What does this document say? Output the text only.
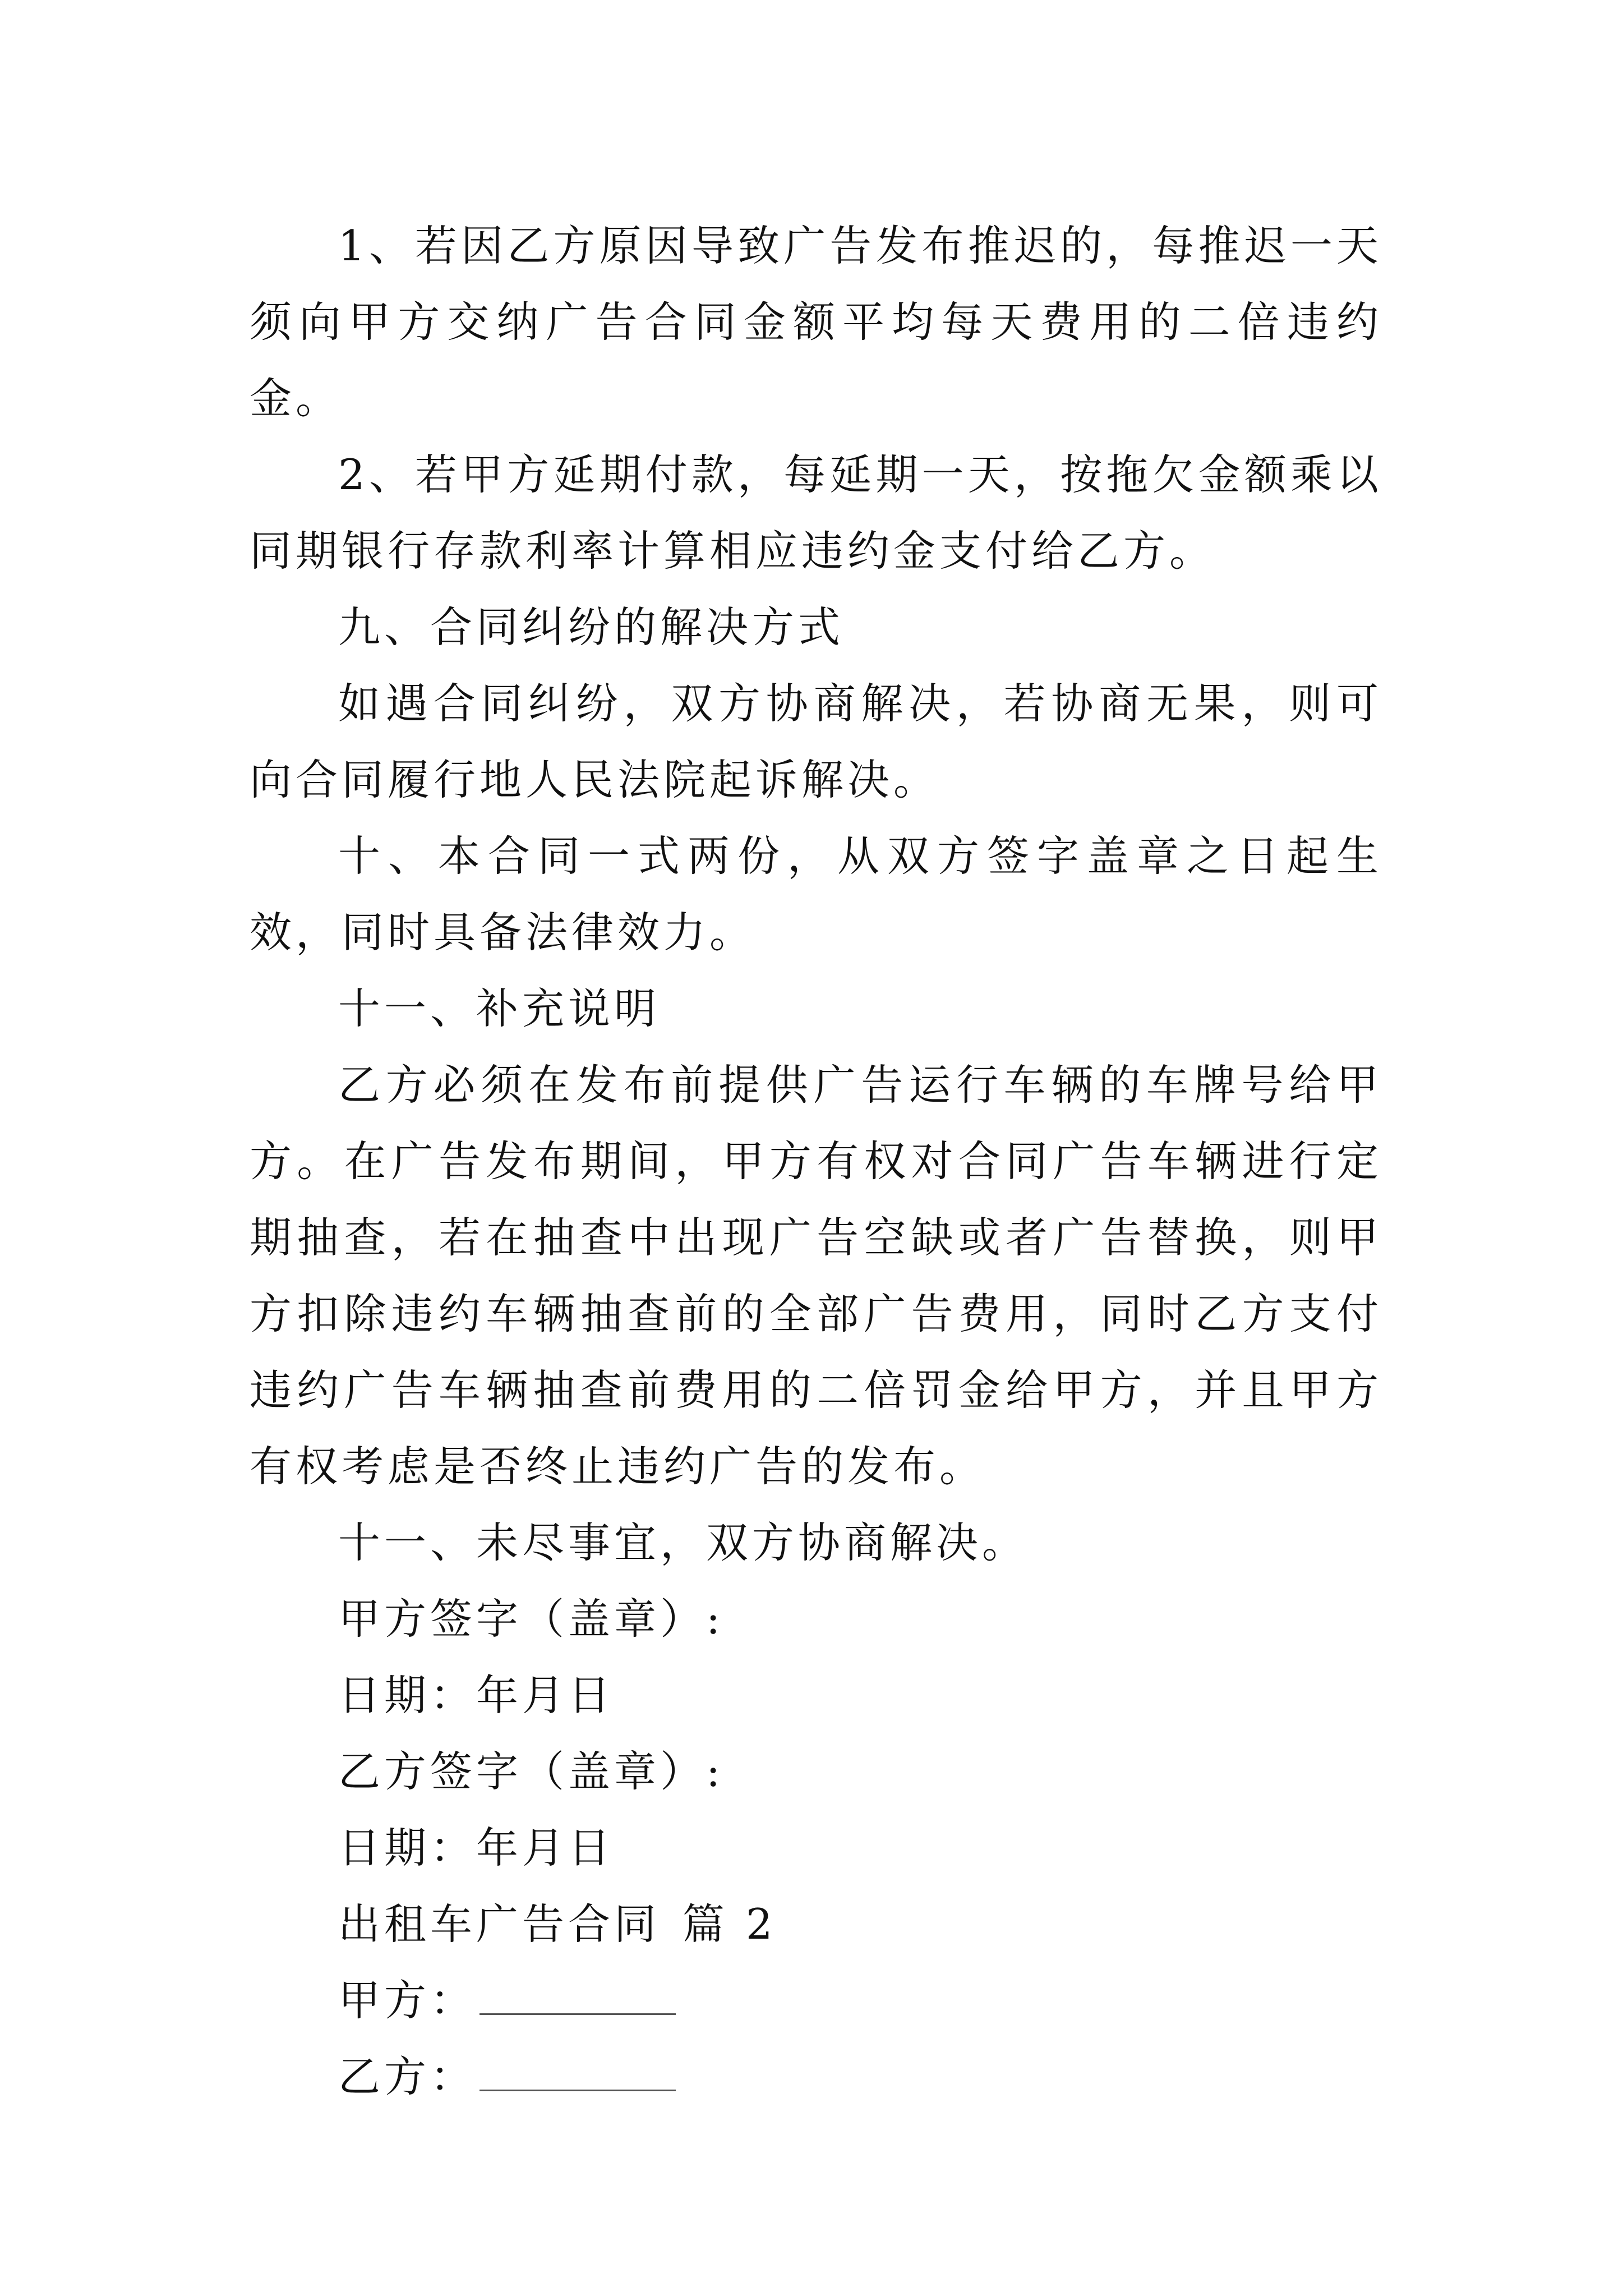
1、若因乙方原因导致广告发布推迟的，每推迟一天须向甲方交纳广告合同金额平均每天费用的二倍违约金。

2、若甲方延期付款，每延期一天，按拖欠金额乘以同期银行存款利率计算相应违约金支付给乙方。

九、合同纠纷的解决方式

如遇合同纠纷，双方协商解决，若协商无果，则可向合同履行地人民法院起诉解决。

十、本合同一式两份，从双方签字盖章之日起生效，同时具备法律效力。

十一、补充说明

乙方必须在发布前提供广告运行车辆的车牌号给甲方。在广告发布期间，甲方有权对合同广告车辆进行定期抽查，若在抽查中出现广告空缺或者广告替换，则甲方扣除违约车辆抽查前的全部广告费用，同时乙方支付违约广告车辆抽查前费用的二倍罚金给甲方，并且甲方有权考虑是否终止违约广告的发布。

十一、未尽事宜，双方协商解决。

甲方签字（盖章）:

日期：年月日

乙方签字（盖章）:

日期：年月日

出租车广告合同 篇 2

甲方：

乙方：
